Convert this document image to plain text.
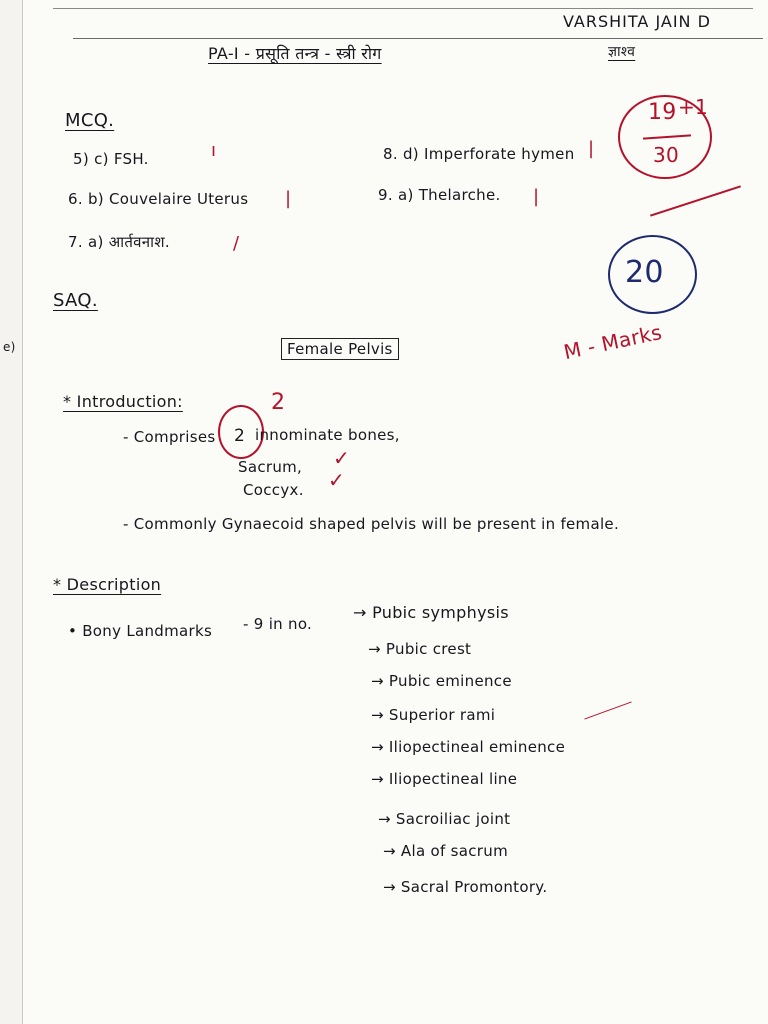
VARSHITA JAIN D
ज्ञाश्व
PA-I - प्रसूति तन्त्र - स्त्री रोग
19 +1
30
MCQ.
5) c) FSH.	ı
6. b) Couvelaire Uterus |
7. a) आर्तवनाश.	/
8. d) Imperforate hymen |
9. a) Thelarche. |
SAQ.
20
M - Marks
e)	Female Pelvis
* Introduction:
- Comprises
2
2 innominate bones,
Sacrum, ✓
Coccyx. ✓
- Commonly Gynaecoid shaped pelvis will be present in female.
* Description
• Bony Landmarks - 9 in no.
→ Pubic symphysis
→ Pubic crest
→ Pubic eminence
→ Superior rami
→ Iliopectineal eminence
→ Iliopectineal line
→ Sacroiliac joint
→ Ala of sacrum
→ Sacral Promontory.
